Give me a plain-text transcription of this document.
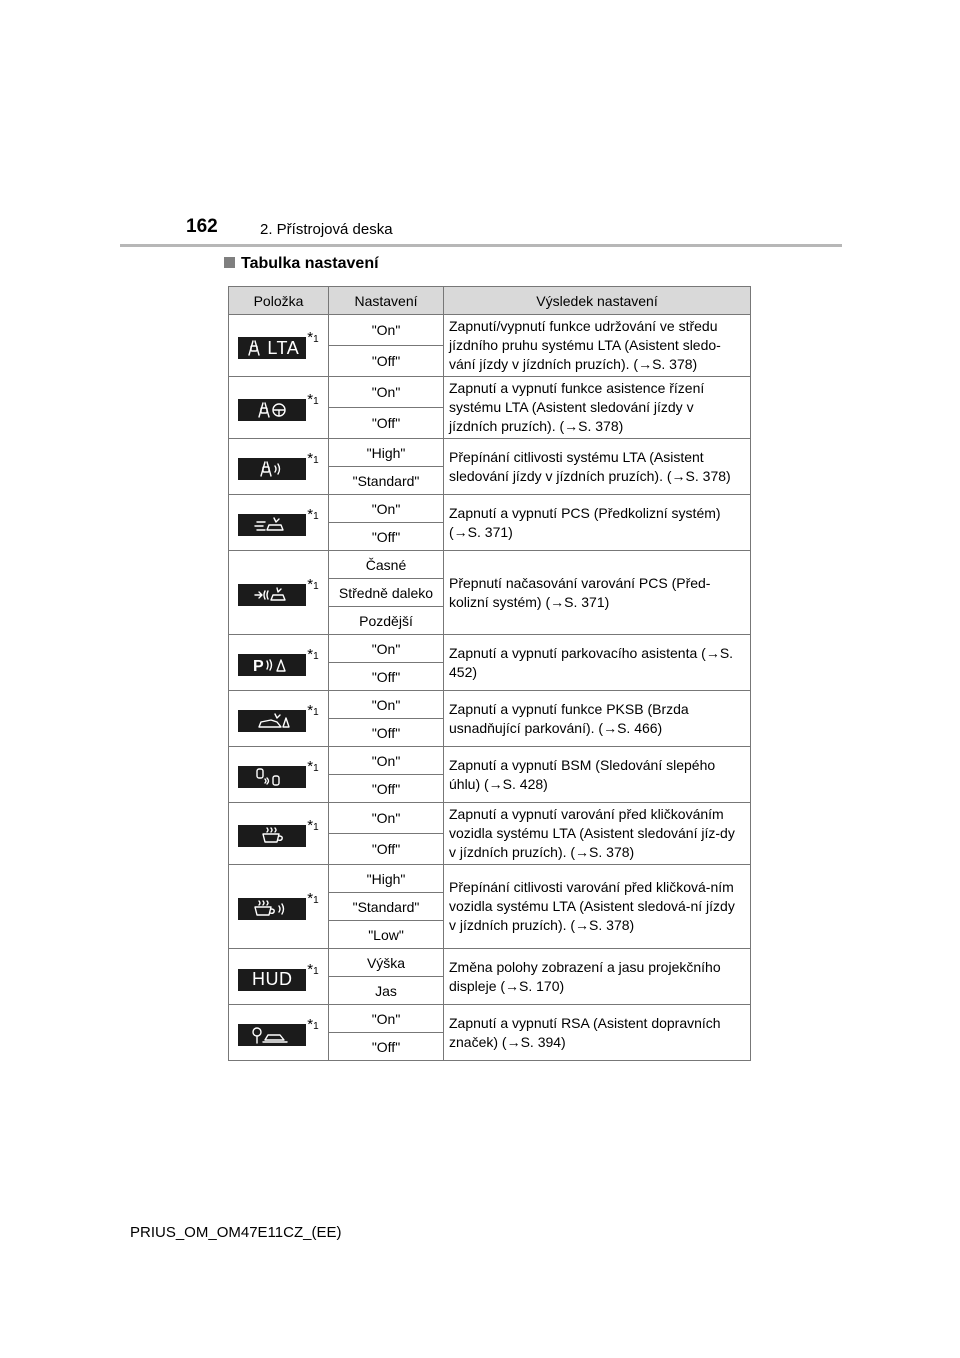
162	2. Přístrojová deska
Tabulka nastavení
Položka	Nastavení	Výsledek nastavení

LTA *1	"On"	Zapnutí/vypnutí funkce udržování ve středu jízdního pruhu systému LTA (Asistent sledo-vání jízdy v jízdních pruzích). (→S. 378)
	"Off"	

*1	"On"	Zapnutí a vypnutí funkce asistence řízení systému LTA (Asistent sledování jízdy v jízdních pruzích). (→S. 378)
	"Off"	

*1	"High"	Přepínání citlivosti systému LTA (Asistent sledování jízdy v jízdních pruzích). (→S. 378)
	"Standard"	

*1	"On"	Zapnutí a vypnutí PCS (Předkolizní systém) (→S. 371)
	"Off"	

*1	Časné	Přepnutí načasování varování PCS (Před-kolizní systém) (→S. 371)
	Středně daleko	
	Pozdější	

P
*1	"On"	Zapnutí a vypnutí parkovacího asistenta (→S. 452)
	"Off"	

*1	"On"	Zapnutí a vypnutí funkce PKSB (Brzda usnadňující parkování). (→S. 466)
	"Off"	

*1	"On"	Zapnutí a vypnutí BSM (Sledování slepého úhlu) (→S. 428)
	"Off"	

*1	"On"	Zapnutí a vypnutí varování před kličkováním vozidla systému LTA (Asistent sledování jíz-dy v jízdních pruzích). (→S. 378)
	"Off"	

*1	"High"	Přepínání citlivosti varování před kličková-ním vozidla systému LTA (Asistent sledová-ní jízdy v jízdních pruzích). (→S. 378)
	"Standard"	
	"Low"	

HUD *1	Výška	Změna polohy zobrazení a jasu projekčního displeje (→S. 170)
	Jas	

*1	"On"	Zapnutí a vypnutí RSA (Asistent dopravních značek) (→S. 394)
	"Off"	
PRIUS_OM_OM47E11CZ_(EE)
